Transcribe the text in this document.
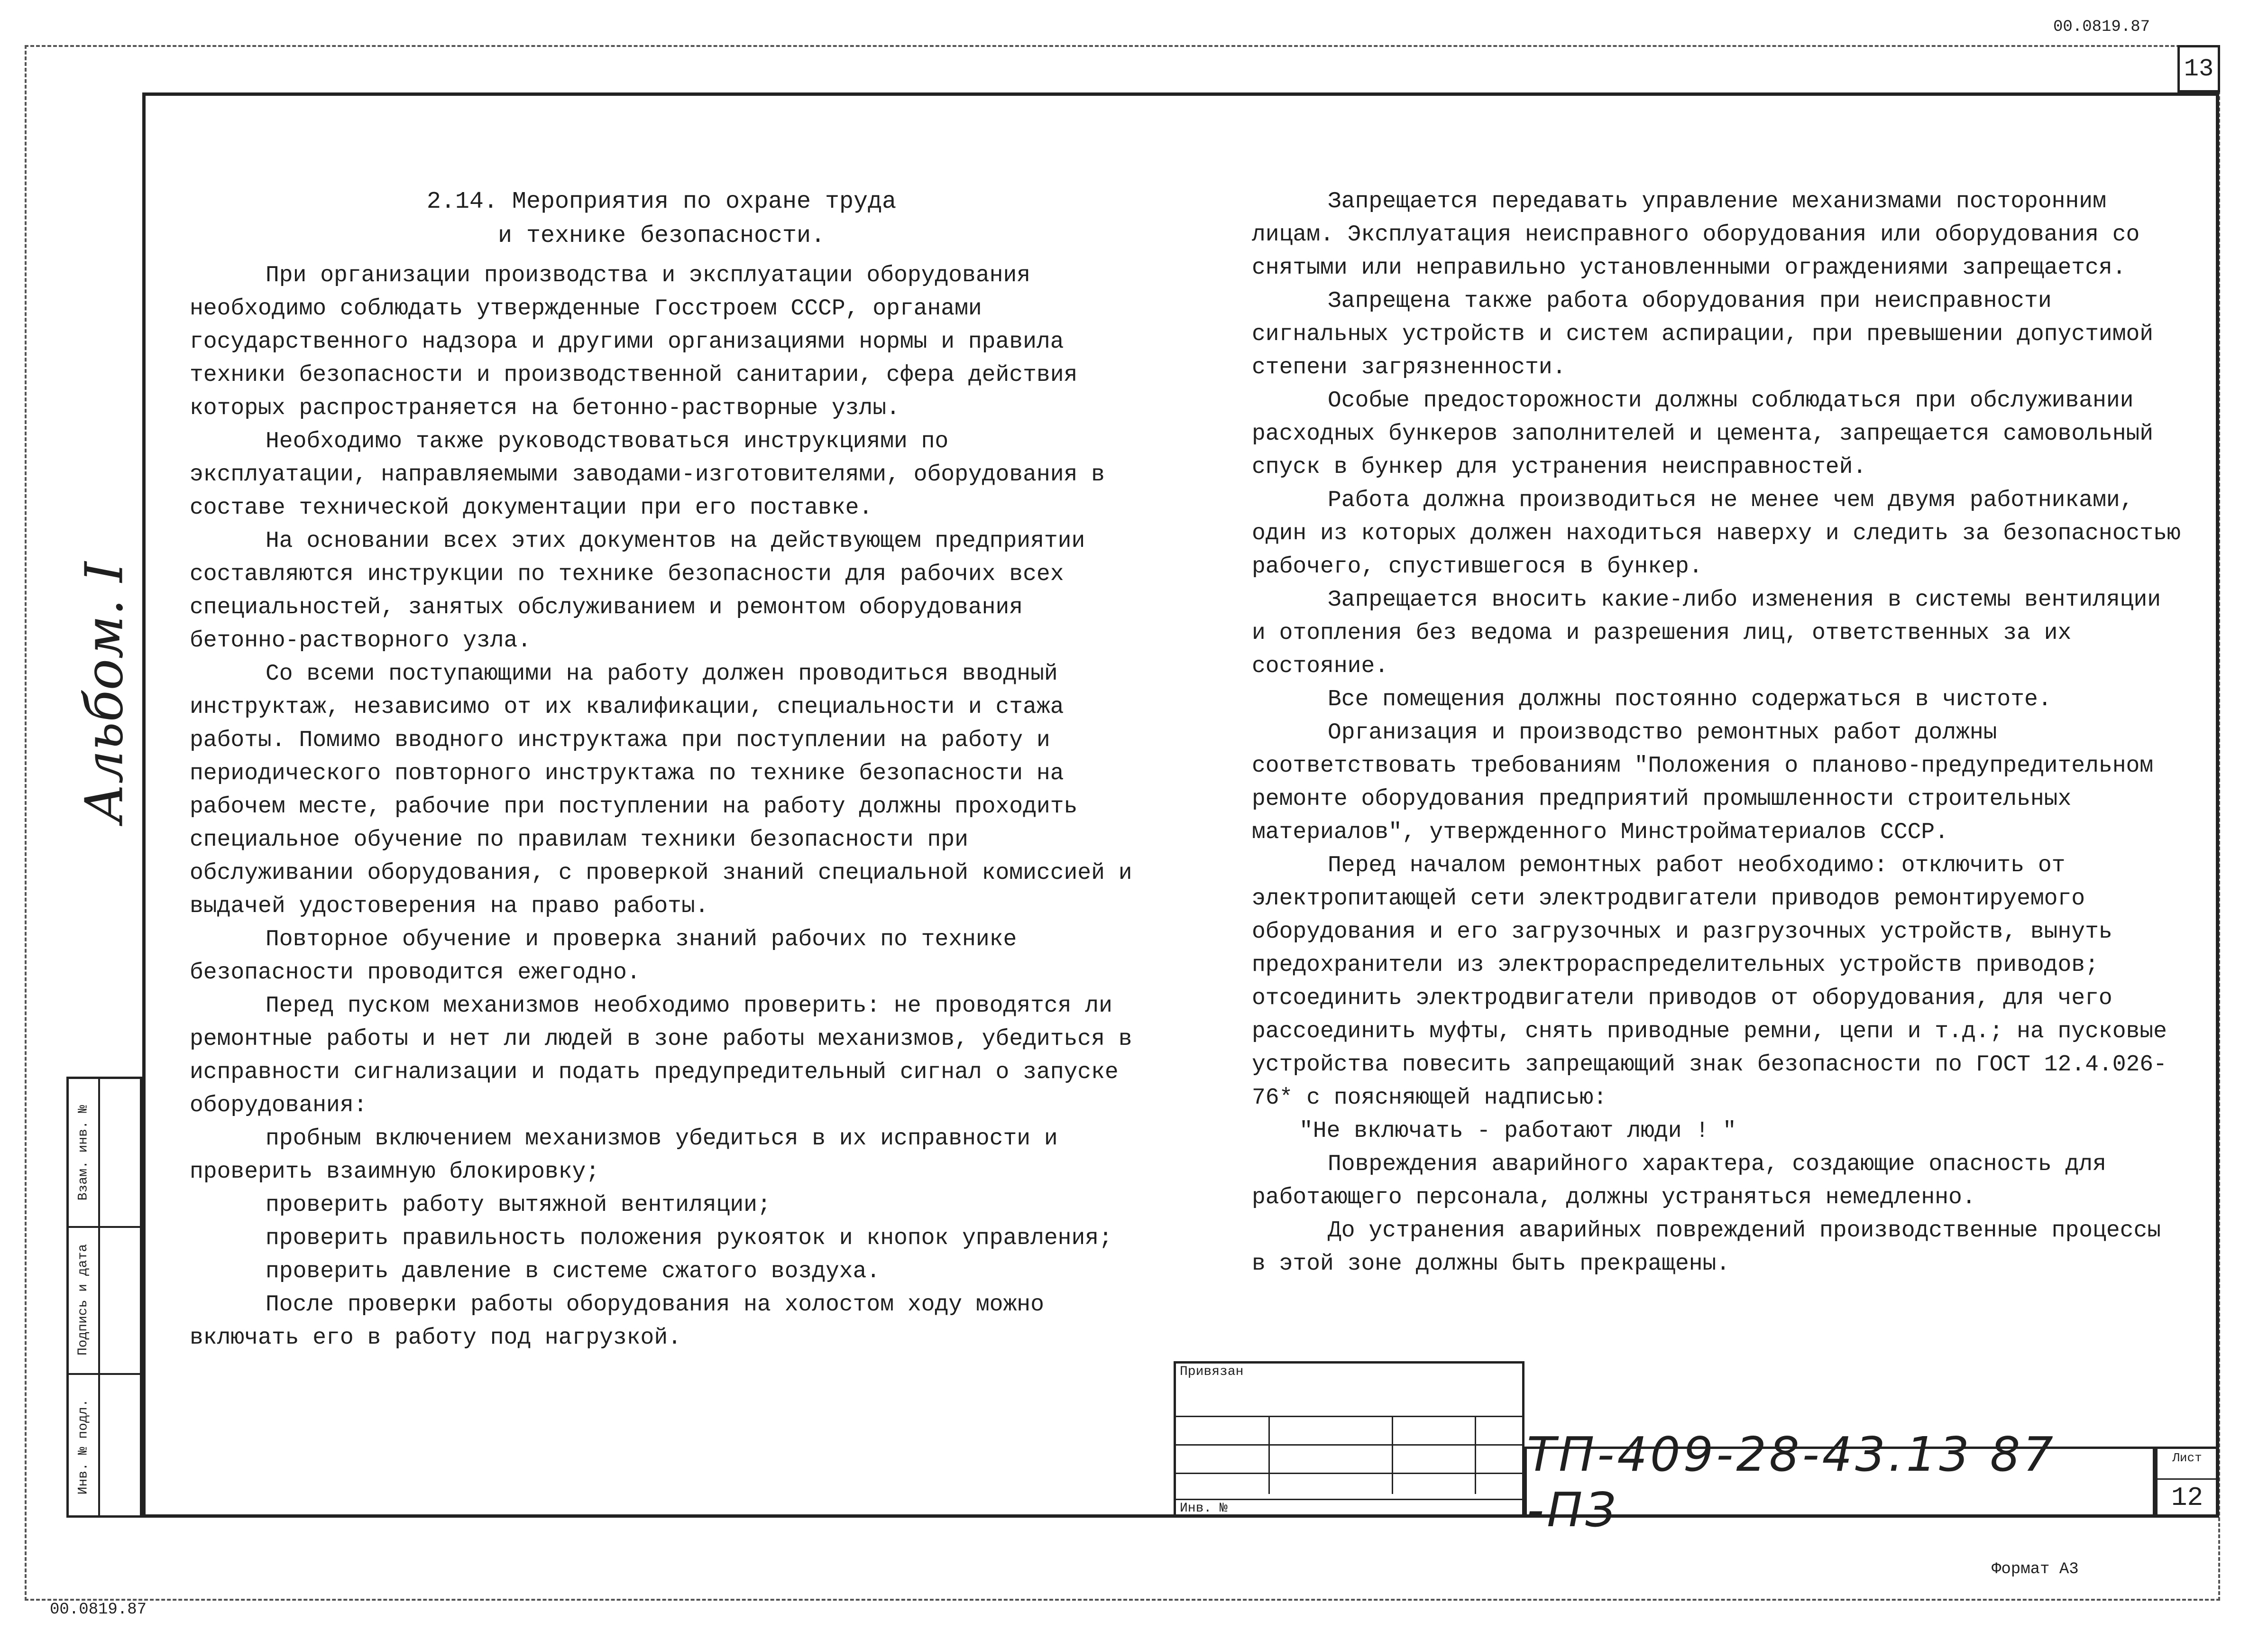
00.0819.87
13
Альбом. I
Инв. № подл.
Подпись и дата
Взам. инв. №

2.14. Мероприятия по охране труда

и технике безопасности.

При организации производства и эксплуатации оборудования необходимо соблюдать утвержденные Госстроем СССР, органами государственного надзора и другими организациями нормы и правила техники безопасности и производственной санитарии, сфера действия которых распространяется на бетонно-растворные узлы.

Необходимо также руководствоваться инструкциями по эксплуатации, направляемыми заводами-изготовителями, оборудования в составе технической документации при его поставке.

На основании всех этих документов на действующем предприятии составляются инструкции по технике безопасности для рабочих всех специальностей, занятых обслуживанием и ремонтом оборудования бетонно-растворного узла.

Со всеми поступающими на работу должен проводиться вводный инструктаж, независимо от их квалификации, специальности и стажа работы. Помимо вводного инструктажа при поступлении на работу и периодического повторного инструктажа по технике безопасности на рабочем месте, рабочие при поступлении на работу должны проходить специальное обучение по правилам техники безопасности при обслуживании оборудования, с проверкой знаний специальной комиссией и выдачей удостоверения на право работы.

Повторное обучение и проверка знаний рабочих по технике безопасности проводится ежегодно.

Перед пуском механизмов необходимо проверить: не проводятся ли ремонтные работы и нет ли людей в зоне работы механизмов, убедиться в исправности сигнализации и подать предупредительный сигнал о запуске оборудования:

пробным включением механизмов убедиться в их исправности и проверить взаимную блокировку;

проверить работу вытяжной вентиляции;

проверить правильность положения рукояток и кнопок управления;

проверить давление в системе сжатого воздуха.

После проверки работы оборудования на холостом ходу можно включать его в работу под нагрузкой.

Запрещается передавать управление механизмами посторонним лицам. Эксплуатация неисправного оборудования или оборудования со снятыми или неправильно установленными ограждениями запрещается.

Запрещена также работа оборудования при неисправности сигнальных устройств и систем аспирации, при превышении допустимой степени загрязненности.

Особые предосторожности должны соблюдаться при обслуживании расходных бункеров заполнителей и цемента, запрещается самовольный спуск в бункер для устранения неисправностей.

Работа должна производиться не менее чем двумя работниками, один из которых должен находиться наверху и следить за безопасностью рабочего, спустившегося в бункер.

Запрещается вносить какие-либо изменения в системы вентиляции и отопления без ведома и разрешения лиц, ответственных за их состояние.

Все помещения должны постоянно содержаться в чистоте.

Организация и производство ремонтных работ должны соответствовать требованиям "Положения о планово-предупредительном ремонте оборудования предприятий промышленности строительных материалов", утвержденного Минстройматериалов СССР.

Перед началом ремонтных работ необходимо: отключить от электропитающей сети электродвигатели приводов ремонтируемого оборудования и его загрузочных и разгрузочных устройств, вынуть предохранители из электрораспределительных устройств приводов; отсоединить электродвигатели приводов от оборудования, для чего рассоединить муфты, снять приводные ремни, цепи и т.д.; на пусковые устройства повесить запрещающий знак безопасности по ГОСТ 12.4.026-76* с поясняющей надписью:

"Не включать - работают люди ! "

Повреждения аварийного характера, создающие опасность для работающего персонала, должны устраняться немедленно.

До устранения аварийных повреждений производственные процессы в этой зоне должны быть прекращены.

Привязан
Инв. №
ТП-409-28-43.13 87 -ПЗ
Лист
12
Формат А3
00.0819.87
